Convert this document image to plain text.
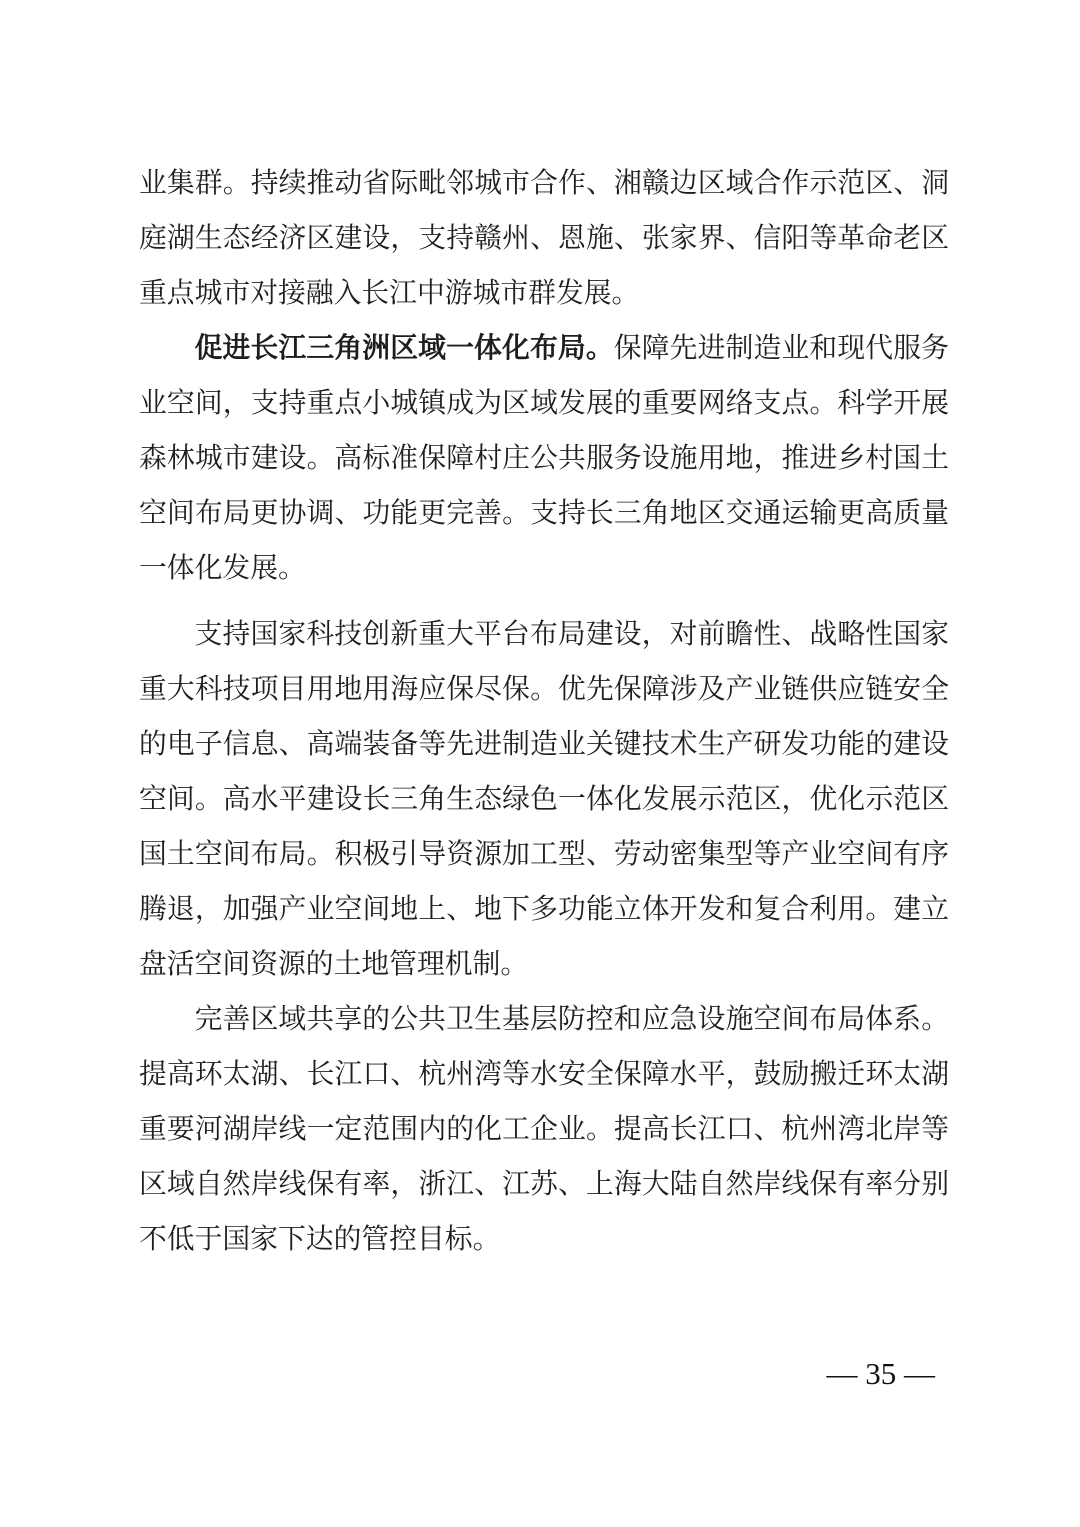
业集群。持续推动省际毗邻城市合作、湘赣边区域合作示范区、洞庭湖生态经济区建设，支持赣州、恩施、张家界、信阳等革命老区重点城市对接融入长江中游城市群发展。

促进长江三角洲区域一体化布局。保障先进制造业和现代服务业空间，支持重点小城镇成为区域发展的重要网络支点。科学开展森林城市建设。高标准保障村庄公共服务设施用地，推进乡村国土空间布局更协调、功能更完善。支持长三角地区交通运输更高质量一体化发展。

支持国家科技创新重大平台布局建设，对前瞻性、战略性国家重大科技项目用地用海应保尽保。优先保障涉及产业链供应链安全的电子信息、高端装备等先进制造业关键技术生产研发功能的建设空间。高水平建设长三角生态绿色一体化发展示范区，优化示范区国土空间布局。积极引导资源加工型、劳动密集型等产业空间有序腾退，加强产业空间地上、地下多功能立体开发和复合利用。建立盘活空间资源的土地管理机制。

完善区域共享的公共卫生基层防控和应急设施空间布局体系。提高环太湖、长江口、杭州湾等水安全保障水平，鼓励搬迁环太湖重要河湖岸线一定范围内的化工企业。提高长江口、杭州湾北岸等区域自然岸线保有率，浙江、江苏、上海大陆自然岸线保有率分别不低于国家下达的管控目标。

— 35 —
